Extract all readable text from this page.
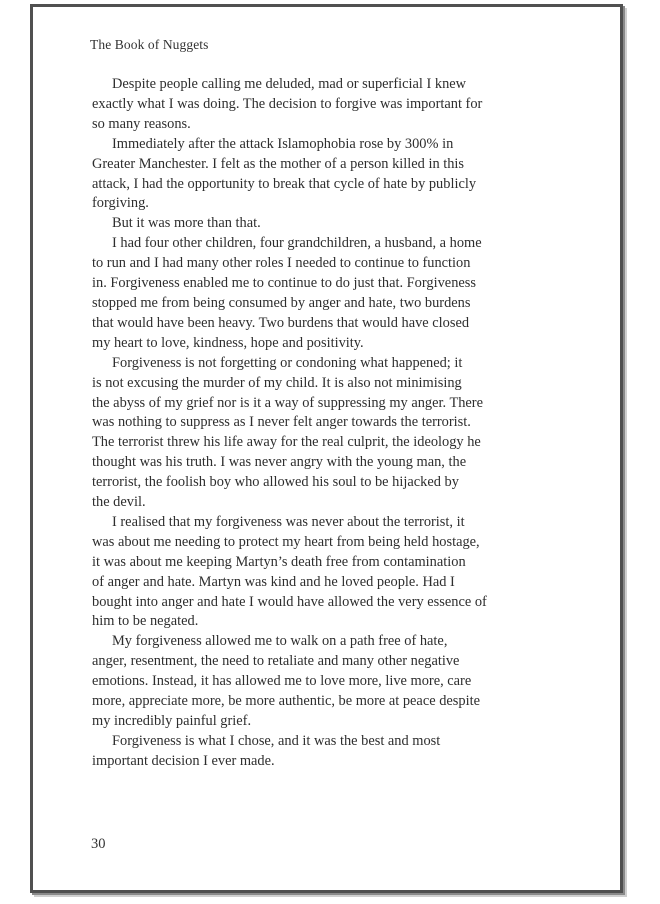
The Book of Nuggets
Despite people calling me deluded, mad or superficial I knew
exactly what I was doing. The decision to forgive was important for
so many reasons.
Immediately after the attack Islamophobia rose by 300% in
Greater Manchester. I felt as the mother of a person killed in this
attack, I had the opportunity to break that cycle of hate by publicly
forgiving.
But it was more than that.
I had four other children, four grandchildren, a husband, a home
to run and I had many other roles I needed to continue to function
in. Forgiveness enabled me to continue to do just that. Forgiveness
stopped me from being consumed by anger and hate, two burdens
that would have been heavy. Two burdens that would have closed
my heart to love, kindness, hope and positivity.
Forgiveness is not forgetting or condoning what happened; it
is not excusing the murder of my child. It is also not minimising
the abyss of my grief nor is it a way of suppressing my anger. There
was nothing to suppress as I never felt anger towards the terrorist.
The terrorist threw his life away for the real culprit, the ideology he
thought was his truth. I was never angry with the young man, the
terrorist, the foolish boy who allowed his soul to be hijacked by
the devil.
I realised that my forgiveness was never about the terrorist, it
was about me needing to protect my heart from being held hostage,
it was about me keeping Martyn’s death free from contamination
of anger and hate. Martyn was kind and he loved people. Had I
bought into anger and hate I would have allowed the very essence of
him to be negated.
My forgiveness allowed me to walk on a path free of hate,
anger, resentment, the need to retaliate and many other negative
emotions. Instead, it has allowed me to love more, live more, care
more, appreciate more, be more authentic, be more at peace despite
my incredibly painful grief.
Forgiveness is what I chose, and it was the best and most
important decision I ever made.
30
